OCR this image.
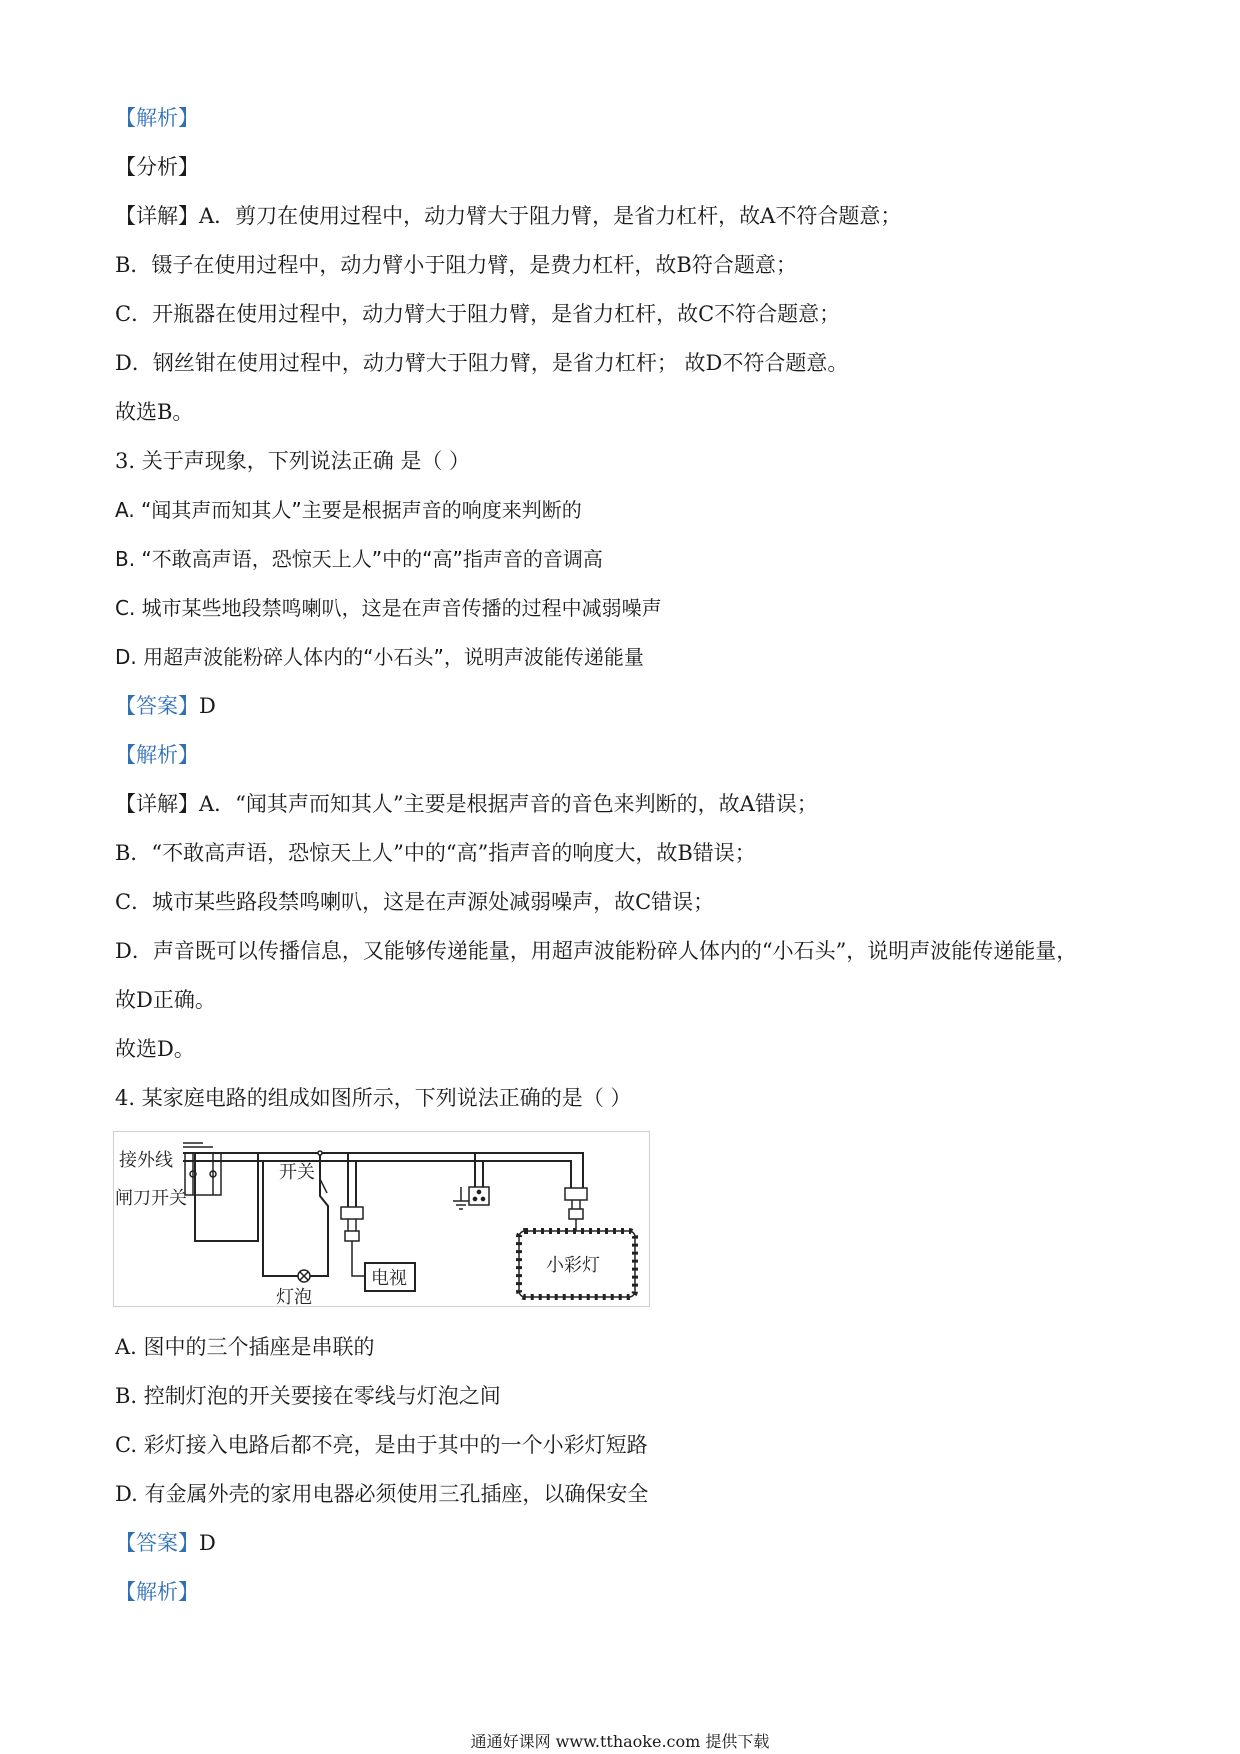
【解析】
【分析】
【详解】A．剪刀在使用过程中，动力臂大于阻力臂，是省力杠杆，故A不符合题意；
B．镊子在使用过程中，动力臂小于阻力臂，是费力杠杆，故B符合题意；
C．开瓶器在使用过程中，动力臂大于阻力臂，是省力杠杆，故C不符合题意；
D．钢丝钳在使用过程中，动力臂大于阻力臂，是省力杠杆； 故D不符合题意。
故选B。
3. 关于声现象，下列说法正确 是（ ）
A. “闻其声而知其人”主要是根据声音的响度来判断的
B. “不敢高声语，恐惊天上人”中的“高”指声音的音调高
C. 城市某些地段禁鸣喇叭，这是在声音传播的过程中减弱噪声
D. 用超声波能粉碎人体内的“小石头”，说明声波能传递能量
【答案】D
【解析】
【详解】A．“闻其声而知其人”主要是根据声音的音色来判断的，故A错误；
B．“不敢高声语，恐惊天上人”中的“高”指声音的响度大，故B错误；
C．城市某些路段禁鸣喇叭，这是在声源处减弱噪声，故C错误；
D．声音既可以传播信息，又能够传递能量，用超声波能粉碎人体内的“小石头”，说明声波能传递能量，
故D正确。
故选D。
4. 某家庭电路的组成如图所示，下列说法正确的是（ ）
接外线
闸刀开关
开关
灯泡
电视
小彩灯
A. 图中的三个插座是串联的
B. 控制灯泡的开关要接在零线与灯泡之间
C. 彩灯接入电路后都不亮，是由于其中的一个小彩灯短路
D. 有金属外壳的家用电器必须使用三孔插座，以确保安全
【答案】D
【解析】
通通好课网 www.tthaoke.com 提供下载
